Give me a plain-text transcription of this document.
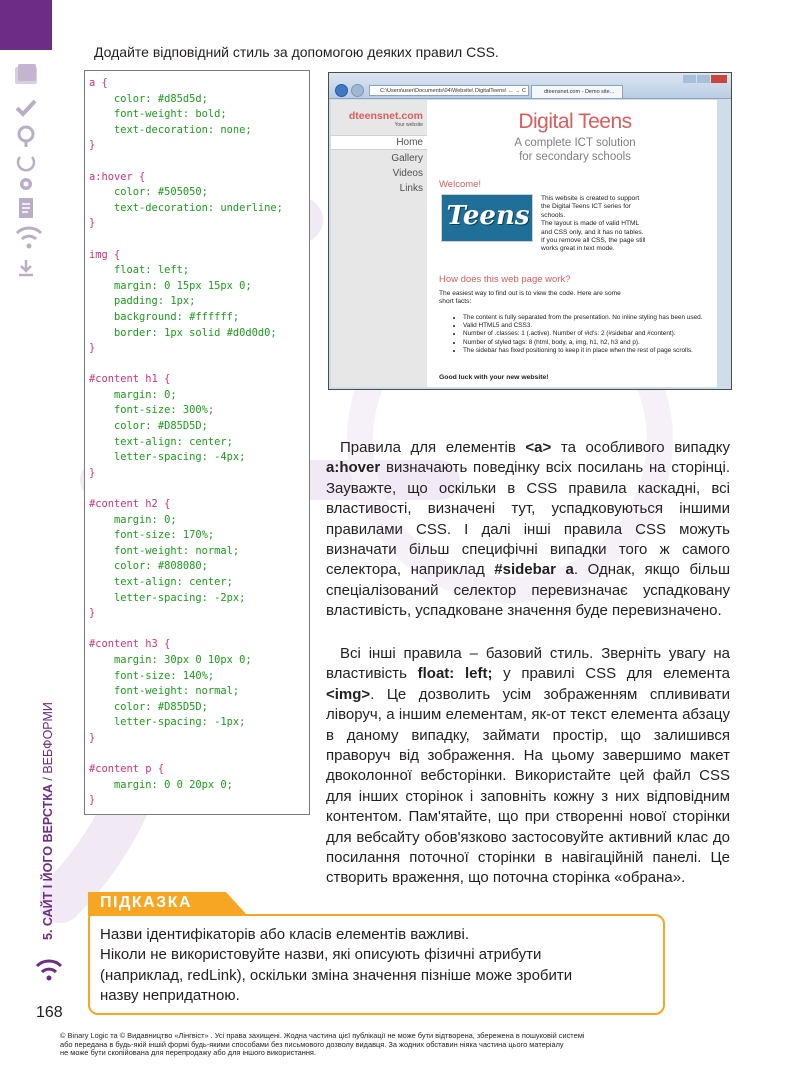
5. САЙТ І ЙОГО ВЕРСТКА / ВЕБФОРМИ
168
Додайте відповідний стиль за допомогою деяких правил CSS.
a {
color: #d85d5d;
font-weight: bold;
text-decoration: none;
}

a:hover {
color: #505050;
text-decoration: underline;
}

img {
float: left;
margin: 0 15px 15px 0;
padding: 1px;
background: #ffffff;
border: 1px solid #d0d0d0;
}

#content h1 {
margin: 0;
font-size: 300%;
color: #D85D5D;
text-align: center;
letter-spacing: -4px;
}

#content h2 {
margin: 0;
font-size: 170%;
font-weight: normal;
color: #808080;
text-align: center;
letter-spacing: -2px;
}

#content h3 {
margin: 30px 0 10px 0;
font-size: 140%;
font-weight: normal;
color: #D85D5D;
letter-spacing: -1px;
}

#content p {
margin: 0 0 20px 0;
}
C:\Users\user\Documents\04\Website\ DigitalTeens\ ← → C	dteensnet.com - Demo site...
dteensnet.com
Your website
Home
Gallery
Videos
Links
Digital Teens
A complete ICT solution
for secondary schools
Welcome!
Teens
This website is created to support
the Digital Teens ICT series for
schools.
The layout is made of valid HTML
and CSS only, and it has no tables.
If you remove all CSS, the page still
works great in text mode.
How does this web page work?
The easiest way to find out is to view the code. Here are some
short facts:
• The content is fully separated from the presentation. No inline styling has been used.
• Valid HTML5 and CSS3.
• Number of .classes: 1 (.active). Number of #id's: 2 (#sidebar and #content).
• Number of styled tags: 8 (html, body, a, img, h1, h2, h3 and p).
• The sidebar has fixed positioning to keep it in place when the rest of page scrolls.
Good luck with your new website!
Правила для елементів <a> та особливого випадку a:hover визначають поведінку всіх посилань на сторінці. Зауважте, що оскільки в CSS правила каскадні, всі властивості, визначені тут, успадковуються іншими правилами CSS. І далі інші правила CSS можуть визначати більш специфічні випадки того ж самого селектора, наприклад #sidebar a. Однак, якщо більш спеціалізований селектор перевизначає успадковану властивість, успадковане значення буде перевизначено.
Всі інші правила – базовий стиль. Зверніть увагу на властивість float: left; у правилі CSS для елемента <img>. Це дозволить усім зображенням сплививати ліворуч, а іншим елементам, як-от текст елемента абзацу в даному випадку, займати простір, що залишився праворуч від зображення. На цьому завершимо макет двоколонної вебсторінки. Використайте цей файл CSS для інших сторінок і заповніть кожну з них відповідним контентом. Пам'ятайте, що при створенні нової сторінки для вебсайту обов'язково застосовуйте активний клас до посилання поточної сторінки в навігаційній панелі. Це створить враження, що поточна сторінка «обрана».
Назви ідентифікаторів або класів елементів важливі.
Ніколи не використовуйте назви, які описують фізичні атрибути
(наприклад, redLink), оскільки зміна значення пізніше може зробити
назву непридатною.
ПІДКАЗКА
© Binary Logic та © Видавництво «Лінгвіст» . Усі права захищені. Жодна частина цієї публікації не може бути відтворена, збережена в пошуковій системі
або передана в будь-якій іншій формі будь-якими способами без письмового дозволу видавця. За жодних обставин ніяка частина цього матеріалу
не може бути скопійована для перепродажу або для іншого використання.
